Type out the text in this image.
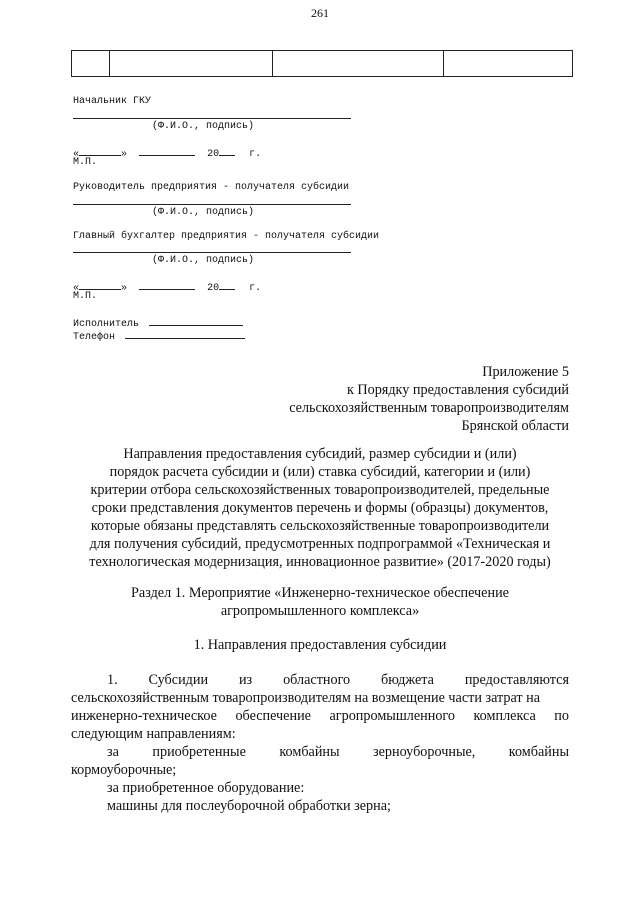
261

Начальник ГКУ
(Ф.И.О., подпись)
«	»	20	г.
М.П.
Руководитель предприятия - получателя субсидии
(Ф.И.О., подпись)
Главный бухгалтер предприятия - получателя субсидии
(Ф.И.О., подпись)
«	»	20	г.
М.П.
Исполнитель
Телефон
Приложение 5
к Порядку предоставления субсидий
сельскохозяйственным товаропроизводителям
Брянской области
Направления предоставления субсидий, размер субсидии и (или)
порядок расчета субсидии и (или) ставка субсидий, категории и (или)
критерии отбора сельскохозяйственных товаропроизводителей, предельные
сроки представления документов перечень и формы (образцы) документов,
которые обязаны представлять сельскохозяйственные товаропроизводители
для получения субсидий, предусмотренных подпрограммой «Техническая и
технологическая модернизация, инновационное развитие» (2017-2020 годы)
Раздел 1. Мероприятие «Инженерно-техническое обеспечение
агропромышленного комплекса»
1. Направления предоставления субсидии
1.     Субсидии     из     областного     бюджета     предоставляются
сельскохозяйственным товаропроизводителям на возмещение части затрат на
инженерно-техническое обеспечение агропромышленного комплекса по
следующим направлениям:
за     приобретенные     комбайны     зерноуборочные,     комбайны
кормоуборочные;
за приобретенное оборудование:
машины для послеуборочной обработки зерна;
